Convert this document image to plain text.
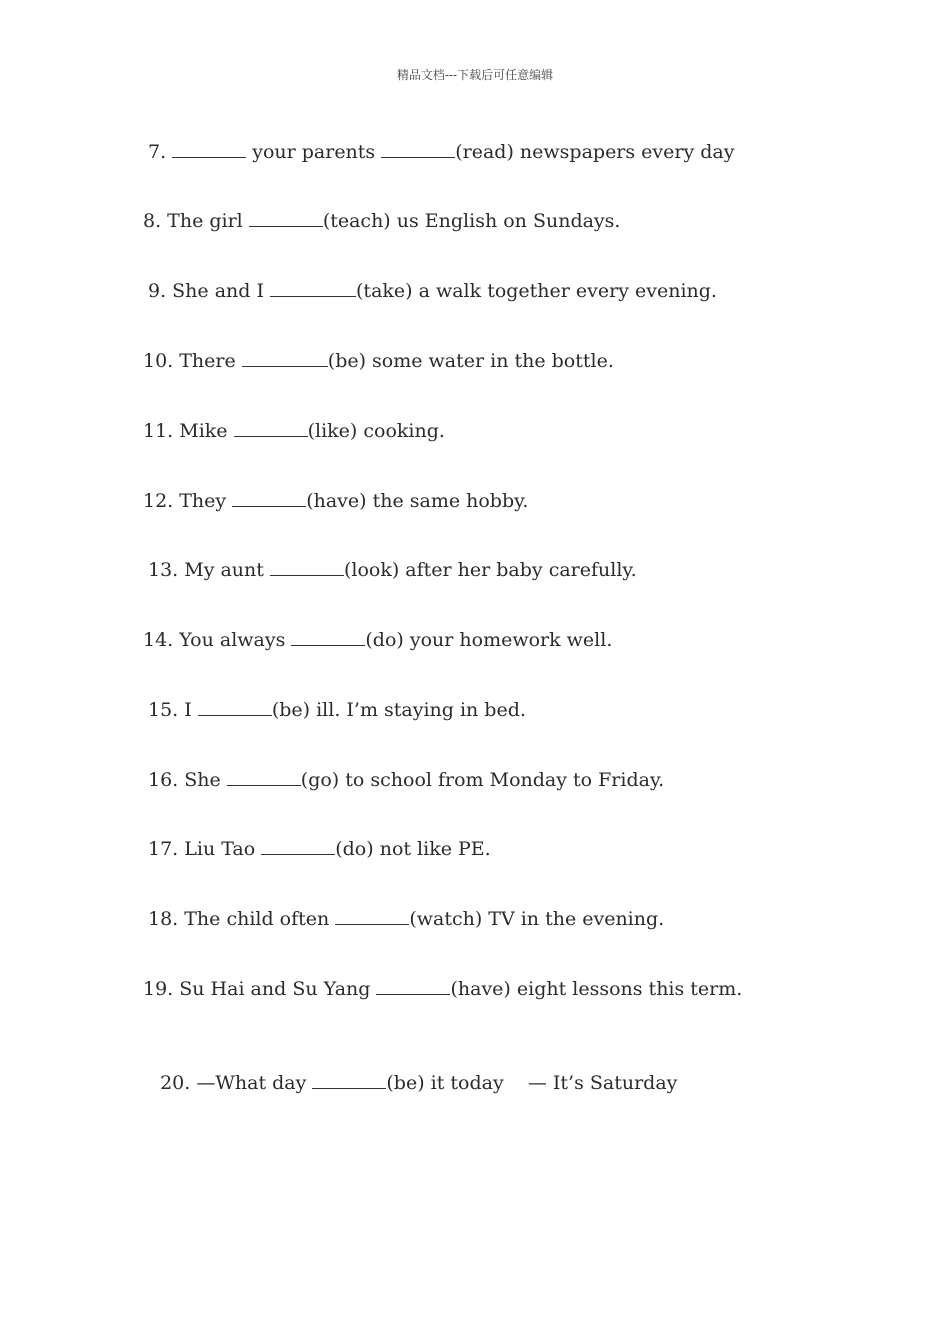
精品文档---下载后可任意编辑
7.	your parents	(read) newspapers every day
8. The girl	(teach) us English on Sundays.
9. She and I	(take) a walk together every evening.
10. There	(be) some water in the bottle.
11. Mike	(like) cooking.
12. They	(have) the same hobby.
13. My aunt	(look) after her baby carefully.
14. You always	(do) your homework well.
15. I	(be) ill. I’m staying in bed.
16. She	(go) to school from Monday to Friday.
17. Liu Tao	(do) not like PE.
18. The child often	(watch) TV in the evening.
19. Su Hai and Su Yang	(have) eight lessons this term.

20. —What day	(be) it today    — It’s Saturday
